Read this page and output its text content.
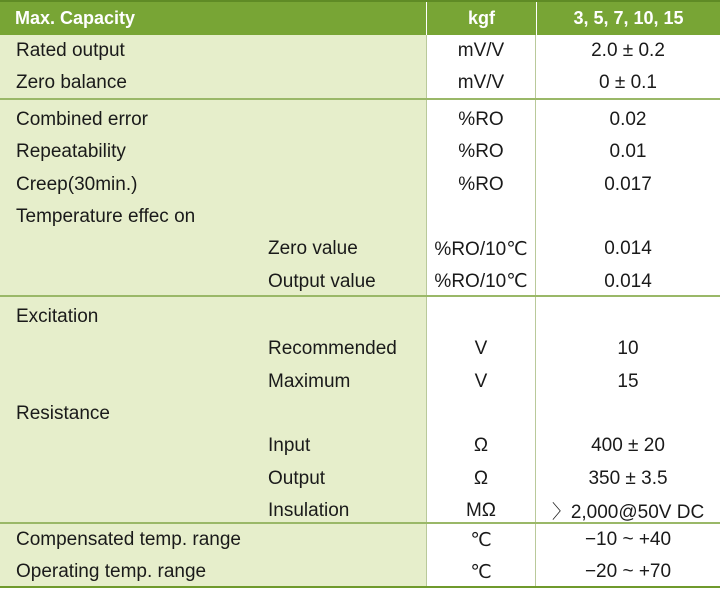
Max. Capacity	kgf	3, 5, 7, 10, 15
Rated output
Zero balance
mV/V
mV/V
2.0 ± 0.2
0 ± 0.1
Combined error
Repeatability
Creep(30min.)
Temperature effec on
Zero value
Output value
%RO
%RO
%RO
%RO/10℃
%RO/10℃
0.02
0.01
0.017
0.014
0.014
Excitation
Recommended
Maximum
Resistance
Input
Output
Insulation
V
V
Ω
Ω
MΩ
10
15
400 ± 20
350 ± 3.5
〉2,000@50V DC
Compensated temp. range
Operating temp. range
℃
℃
−10 ~ +40
−20 ~ +70
